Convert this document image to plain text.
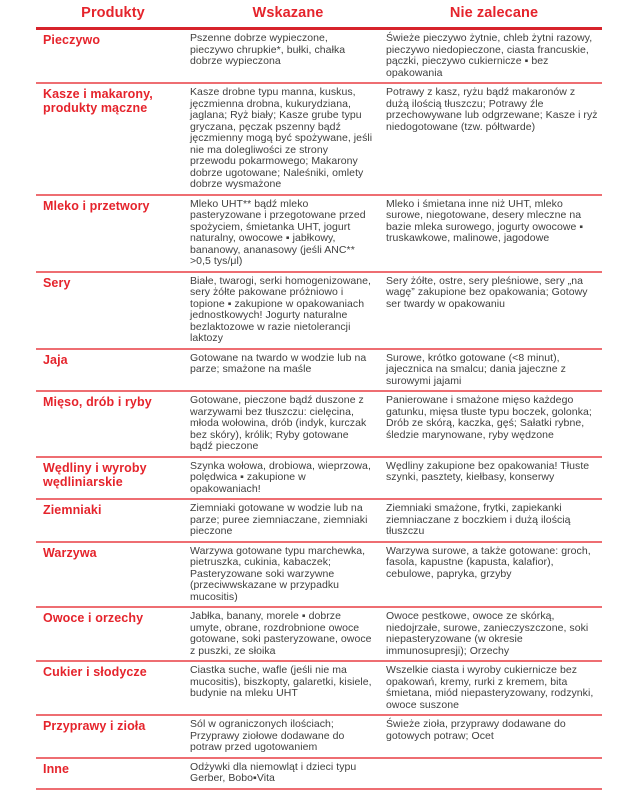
Produkty	Wskazane	Nie zalecane
Pieczywo	Pszenne dobrze wypieczone, pieczywo chrupkie*, bułki, chałka dobrze wypieczona	Świeże pieczywo żytnie, chleb żytni razowy, pieczywo niedopieczone, ciasta francuskie, pączki, pieczywo cukiernicze ▪ bez opakowania
Kasze i makarony, produkty mączne	Kasze drobne typu manna, kuskus, jęczmienna drobna, kukurydziana, jaglana; Ryż biały; Kasze grube typu gryczana, pęczak pszenny bądź jęczmienny mogą być spożywane, jeśli nie ma dolegliwości ze strony przewodu pokarmowego; Makarony dobrze ugotowane; Naleśniki, omlety dobrze wysmażone	Potrawy z kasz, ryżu bądź makaronów z dużą ilością tłuszczu; Potrawy źle przechowywane lub odgrzewane; Kasze i ryż niedogotowane (tzw. półtwarde)
Mleko i przetwory	Mleko UHT** bądź mleko pasteryzowane i przegotowane przed spożyciem, śmietanka UHT, jogurt naturalny, owocowe ▪ jabłkowy, bananowy, ananasowy (jeśli ANC** >0,5 tys/μl)	Mleko i śmietana inne niż UHT, mleko surowe, niegotowane, desery mleczne na bazie mleka surowego, jogurty owocowe ▪ truskawkowe, malinowe, jagodowe
Sery	Białe, twarogi, serki homogenizowane, sery żółte pakowane próżniowo i topione ▪ zakupione w opakowaniach jednostkowych! Jogurty naturalne bezlaktozowe w razie nietolerancji laktozy	Sery żółte, ostre, sery pleśniowe, sery „na wagę” zakupione bez opakowania; Gotowy ser twardy w opakowaniu
Jaja	Gotowane na twardo w wodzie lub na parze; smażone na maśle	Surowe, krótko gotowane (<8 minut), jajecznica na smalcu; dania jajeczne z surowymi jajami
Mięso, drób i ryby	Gotowane, pieczone bądź duszone z warzywami bez tłuszczu: cielęcina, młoda wołowina, drób (indyk, kurczak bez skóry), królik; Ryby gotowane bądź pieczone	Panierowane i smażone mięso każdego gatunku, mięsa tłuste typu boczek, golonka; Drób ze skórą, kaczka, gęś; Sałatki rybne, śledzie marynowane, ryby wędzone
Wędliny i wyroby wędliniarskie	Szynka wołowa, drobiowa, wieprzowa, polędwica ▪ zakupione w opakowaniach!	Wędliny zakupione bez opakowania! Tłuste szynki, pasztety, kiełbasy, konserwy
Ziemniaki	Ziemniaki gotowane w wodzie lub na parze; puree ziemniaczane, ziemniaki pieczone	Ziemniaki smażone, frytki, zapiekanki ziemniaczane z boczkiem i dużą ilością tłuszczu
Warzywa	Warzywa gotowane typu marchewka, pietruszka, cukinia, kabaczek; Pasteryzowane soki warzywne (przeciwwskazane w przypadku mucositis)	Warzywa surowe, a także gotowane: groch, fasola, kapustne (kapusta, kalafior), cebulowe, papryka, grzyby
Owoce i orzechy	Jabłka, banany, morele ▪ dobrze umyte, obrane, rozdrobnione owoce gotowane, soki pasteryzowane, owoce z puszki, ze słoika	Owoce pestkowe, owoce ze skórką, niedojrzałe, surowe, zanieczyszczone, soki niepasteryzowane (w okresie immunosupresji); Orzechy
Cukier i słodycze	Ciastka suche, wafle (jeśli nie ma mucositis), biszkopty, galaretki, kisiele, budynie na mleku UHT	Wszelkie ciasta i wyroby cukiernicze bez opakowań, kremy, rurki z kremem, bita śmietana, miód niepasteryzowany, rodzynki, owoce suszone
Przyprawy i zioła	Sól w ograniczonych ilościach; Przyprawy ziołowe dodawane do potraw przed ugotowaniem	Świeże zioła, przyprawy dodawane do gotowych potraw; Ocet
Inne	Odżywki dla niemowląt i dzieci typu Gerber, Bobo▪Vita	
